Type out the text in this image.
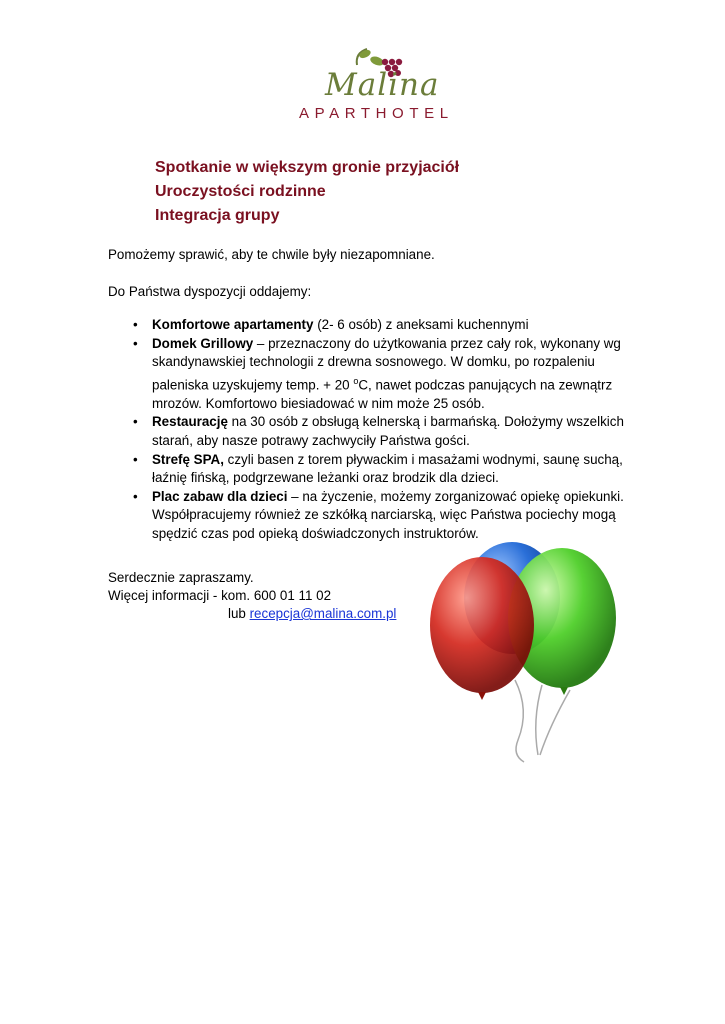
Malina
APARTHOTEL
Spotkanie w większym gronie przyjaciół
Uroczystości rodzinne
Integracja grupy
Pomożemy sprawić, aby te chwile były niezapomniane.
Do Państwa dyspozycji oddajemy:
• Komfortowe apartamenty (2- 6 osób) z aneksami kuchennymi
• Domek Grillowy – przeznaczony do użytkowania przez cały rok, wykonany wg skandynawskiej technologii z drewna sosnowego. W domku, po rozpaleniu paleniska uzyskujemy temp. + 20 $^o$C, nawet podczas panujących na zewnątrz mrozów. Komfortowo biesiadować w nim może 25 osób.
• Restaurację na 30 osób z obsługą kelnerską i barmańską. Dołożymy wszelkich starań, aby nasze potrawy zachwyciły Państwa gości.
• Strefę SPA, czyli basen z torem pływackim i masażami wodnymi, saunę suchą, łaźnię fińską, podgrzewane leżanki oraz brodzik dla dzieci.
• Plac zabaw dla dzieci – na życzenie, możemy zorganizować opiekę opiekunki. Współpracujemy również ze szkółką narciarską, więc Państwa pociechy mogą spędzić czas pod opieką doświadczonych instruktorów.
Serdecznie zapraszamy.
Więcej informacji - kom. 600 01 11 02
lub recepcja@malina.com.pl
